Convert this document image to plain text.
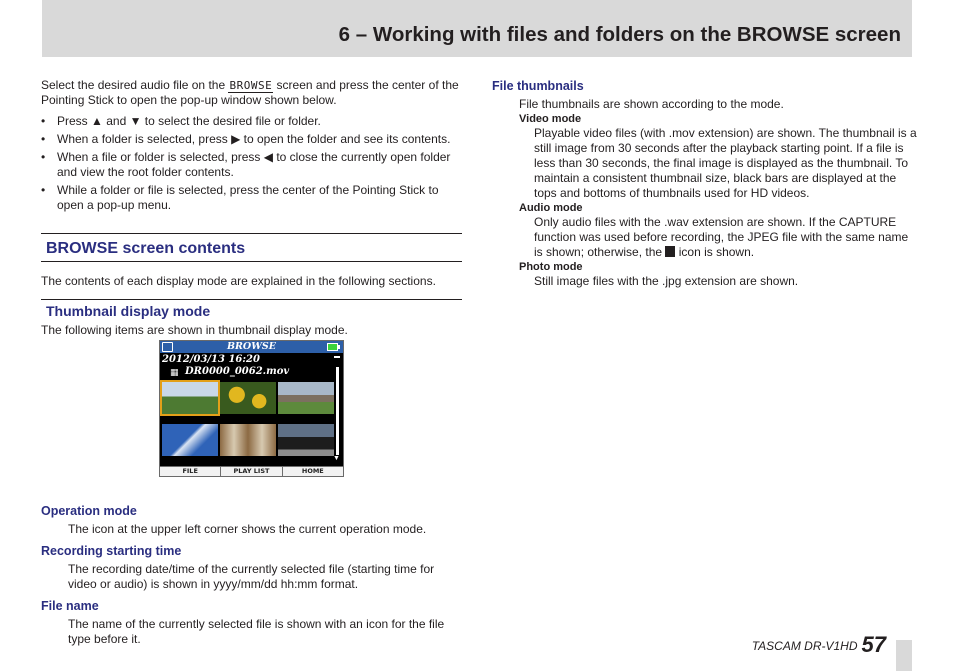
6 – Working with files and folders on the BROWSE screen

Select the desired audio file on the BROWSE screen and press the center of the Pointing Stick to open the pop-up window shown below.

• Press ▲ and ▼ to select the desired file or folder.
• When a folder is selected, press ▶ to open the folder and see its contents.
• When a file or folder is selected, press ◀ to close the currently open folder and view the root folder contents.
• While a folder or file is selected, press the center of the Pointing Stick to open a pop-up menu.
BROWSE screen contents

The contents of each display mode are explained in the following sections.

Thumbnail display mode

The following items are shown in thumbnail display mode.

Operation mode

The icon at the upper left corner shows the current operation mode.

Recording starting time

The recording date/time of the currently selected file (starting time for video or audio) is shown in yyyy/mm/dd hh:mm format.

File name

The name of the currently selected file is shown with an icon for the file type before it.

BROWSE
2012/03/13 16:20
▦ DR0000_0062.mov
▼
FILE	PLAY LIST	HOME
File thumbnails

File thumbnails are shown according to the mode.

Video mode

Playable video files (with .mov extension) are shown. The thumbnail is a still image from 30 seconds after the playback starting point. If a file is less than 30 seconds, the final image is displayed as the thumbnail. To maintain a consistent thumbnail size, black bars are displayed at the tops and bottoms of thumbnails used for HD videos.

Audio mode

Only audio files with the .wav extension are shown. If the CAPTURE function was used before recording, the JPEG file with the same name is shown; otherwise, the  icon is shown.

Photo mode

Still image files with the .jpg extension are shown.

TASCAM DR-V1HD 57
